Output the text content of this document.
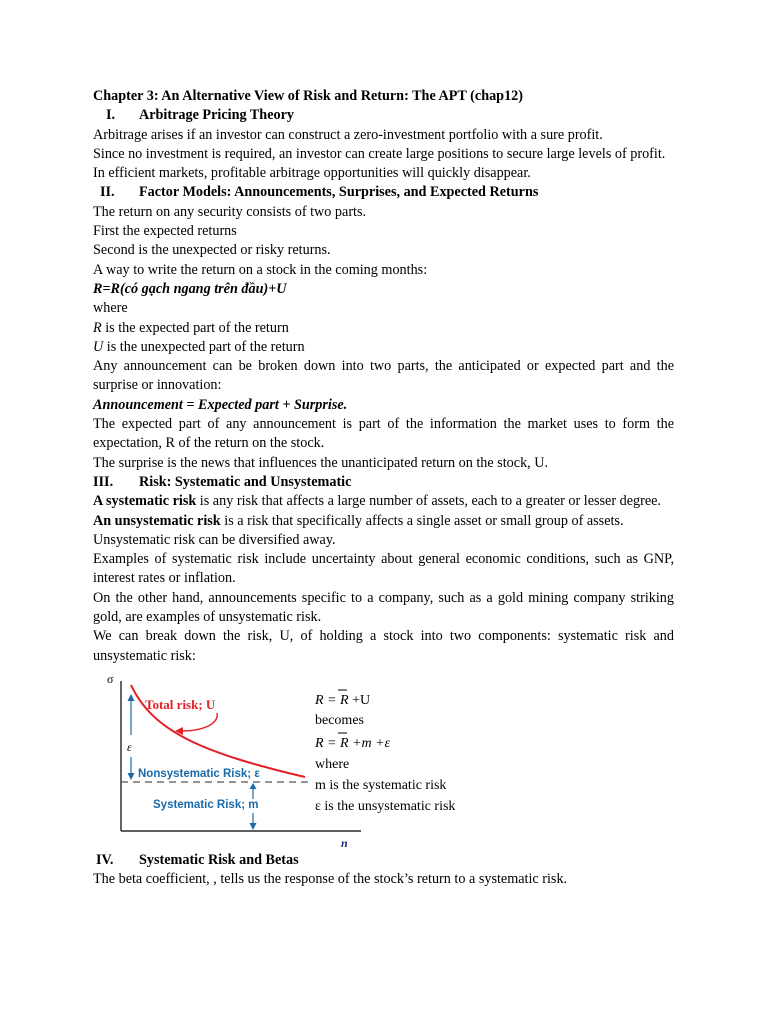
Chapter 3: An Alternative View of Risk and Return: The APT (chap12)

I.	Arbitrage Pricing Theory

Arbitrage arises if an investor can construct a zero-investment portfolio with a sure profit.

Since no investment is required, an investor can create large positions to secure large levels of profit.

In efficient markets, profitable arbitrage opportunities will quickly disappear.

II.	Factor Models: Announcements, Surprises, and Expected Returns

The return on any security consists of two parts.

First the expected returns

Second is the unexpected or risky returns.

A way to write the return on a stock in the coming months:

R=R(có gạch ngang trên đầu)+U

where

R is the expected part of the return

U is the unexpected part of the return

Any announcement can be broken down into two parts, the anticipated or expected part and the surprise or innovation:

Announcement = Expected part + Surprise.

The expected part of any announcement is part of the information the market uses to form the expectation, R of the return on the stock.

The surprise is the news that influences the unanticipated return on the stock, U.

III.	Risk: Systematic and Unsystematic

A systematic risk is any risk that affects a large number of assets, each to a greater or lesser degree.

An unsystematic risk is a risk that specifically affects a single asset or small group of assets.

Unsystematic risk can be diversified away.

Examples of systematic risk include uncertainty about general economic conditions, such as GNP, interest rates or inflation.

On the other hand, announcements specific to a company, such as a gold mining company striking gold, are examples of unsystematic risk.

We can break down the risk, U, of holding a stock into two components: systematic risk and unsystematic risk:

σ
n
Total risk; U
ε
Nonsystematic Risk; ε
Systematic Risk; m
R = R +U
becomes
R = R +m +ε
where
m is the systematic risk
ε is the unsystematic risk

IV.	Systematic Risk and Betas

The beta coefficient, , tells us the response of the stock’s return to a systematic risk.
